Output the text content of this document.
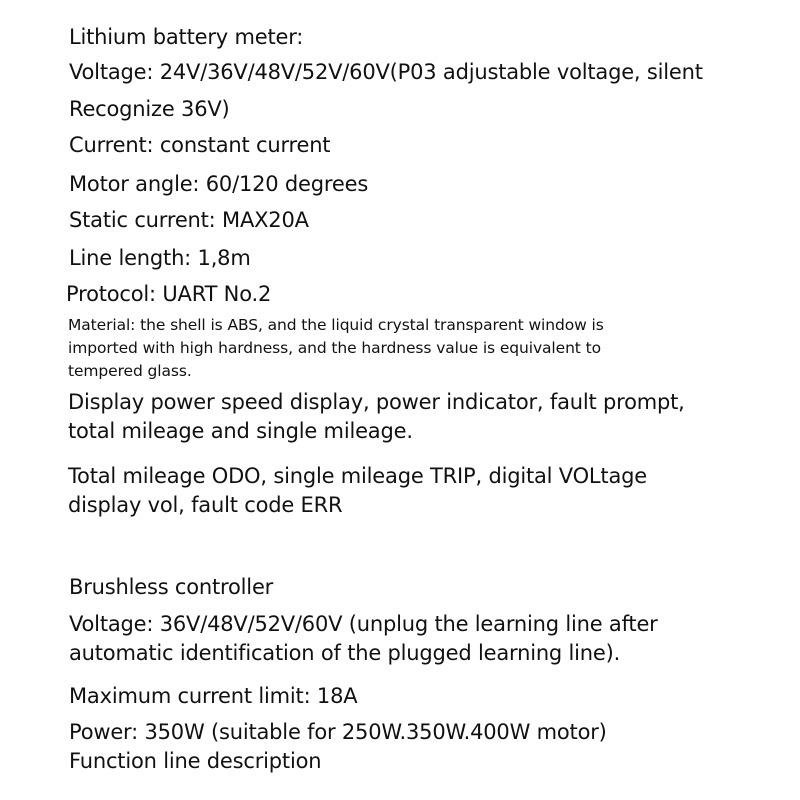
Lithium battery meter:
Voltage: 24V/36V/48V/52V/60V(P03 adjustable voltage, silent
Recognize 36V)
Current: constant current
Motor angle: 60/120 degrees
Static current: MAX20A
Line length: 1,8m
Protocol: UART No.2
Material: the shell is ABS, and the liquid crystal transparent window is
imported with high hardness, and the hardness value is equivalent to
tempered glass.
Display power speed display, power indicator, fault prompt,
total mileage and single mileage.
Total mileage ODO, single mileage TRIP, digital VOLtage
display vol, fault code ERR
Brushless controller
Voltage: 36V/48V/52V/60V (unplug the learning line after
automatic identification of the plugged learning line).
Maximum current limit: 18A
Power: 350W (suitable for 250W.350W.400W motor)
Function line description
